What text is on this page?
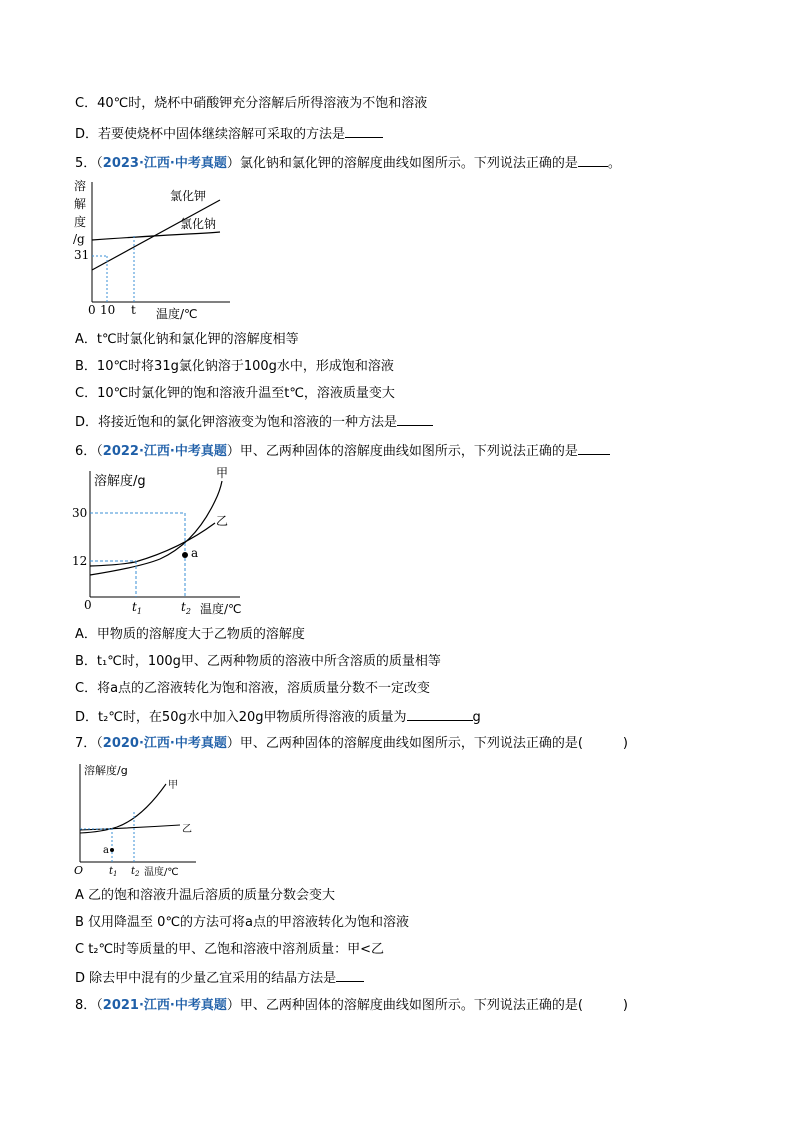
C．40℃时，烧杯中硝酸钾充分溶解后所得溶液为不饱和溶液
D．若要使烧杯中固体继续溶解可采取的方法是
5．（2023·江西·中考真题）氯化钠和氯化钾的溶解度曲线如图所示。下列说法正确的是 。
溶
解
度
/g
31
0 10 t 温度/℃
氯化钾
氯化钠
A．t℃时氯化钠和氯化钾的溶解度相等
B．10℃时将31g氯化钠溶于100g水中，形成饱和溶液
C．10℃时氯化钾的饱和溶液升温至t℃，溶液质量变大
D．将接近饱和的氯化钾溶液变为饱和溶液的一种方法是
6．（2022·江西·中考真题）甲、乙两种固体的溶解度曲线如图所示，下列说法正确的是
溶解度/g
a
30
12
0	$t_1$	$t_2$ 温度/℃
甲
乙
A．甲物质的溶解度大于乙物质的溶解度
B．t₁℃时，100g甲、乙两种物质的溶液中所含溶质的质量相等
C．将a点的乙溶液转化为饱和溶液，溶质质量分数不一定改变
D．t₂℃时，在50g水中加入20g甲物质所得溶液的质量为	g
7．（2020·江西·中考真题）甲、乙两种固体的溶解度曲线如图所示，下列说法正确的是(	)
溶解度/g
a
O	$t_1$ $t_2$ 温度/℃
甲
乙
A 乙的饱和溶液升温后溶质的质量分数会变大
B 仅用降温至 0℃的方法可将a点的甲溶液转化为饱和溶液
C t₂℃时等质量的甲、乙饱和溶液中溶剂质量：甲<乙
D 除去甲中混有的少量乙宜采用的结晶方法是
8．（2021·江西·中考真题）甲、乙两种固体的溶解度曲线如图所示。下列说法正确的是(	)
